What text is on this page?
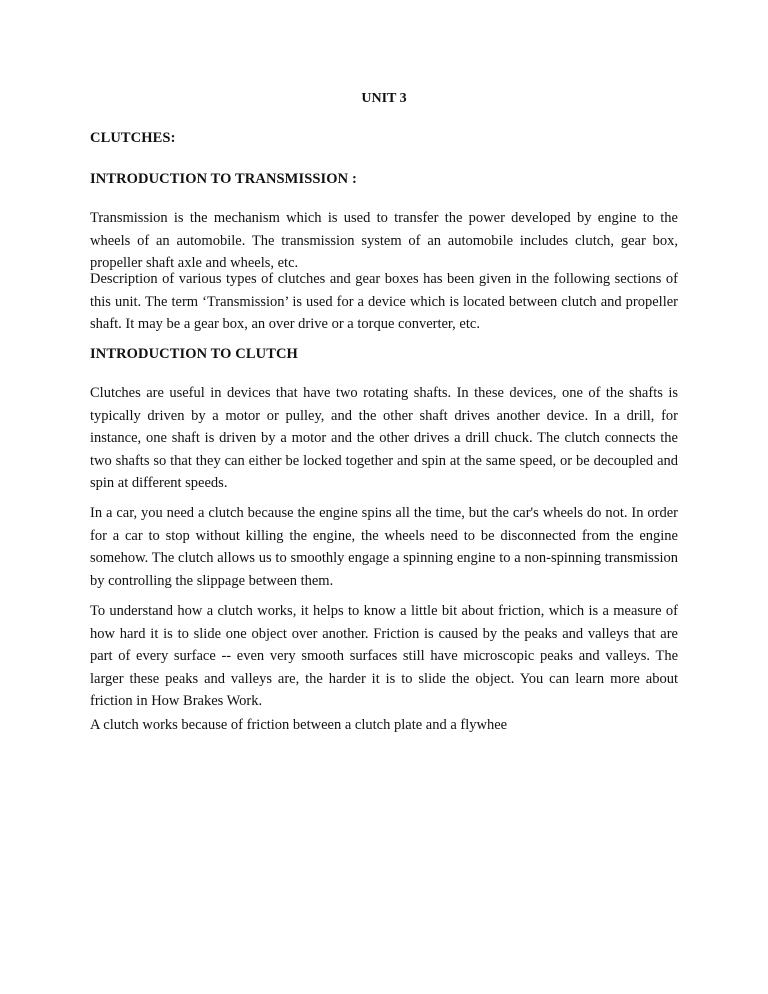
UNIT 3

CLUTCHES:

INTRODUCTION TO TRANSMISSION :

Transmission is the mechanism which is used to transfer the power developed by engine to the wheels of an automobile. The transmission system of an automobile includes clutch, gear box, propeller shaft axle and wheels, etc.

Description of various types of clutches and gear boxes has been given in the following sections of this unit. The term ‘Transmission’ is used for a device which is located between clutch and propeller shaft. It may be a gear box, an over drive or a torque converter, etc.

INTRODUCTION TO CLUTCH

Clutches are useful in devices that have two rotating shafts. In these devices, one of the shafts is typically driven by a motor or pulley, and the other shaft drives another device. In a drill, for instance, one shaft is driven by a motor and the other drives a drill chuck. The clutch connects the two shafts so that they can either be locked together and spin at the same speed, or be decoupled and spin at different speeds.

In a car, you need a clutch because the engine spins all the time, but the car's wheels do not. In order for a car to stop without killing the engine, the wheels need to be disconnected from the engine somehow. The clutch allows us to smoothly engage a spinning engine to a non-spinning transmission by controlling the slippage between them.

To understand how a clutch works, it helps to know a little bit about friction, which is a measure of how hard it is to slide one object over another. Friction is caused by the peaks and valleys that are part of every surface -- even very smooth surfaces still have microscopic peaks and valleys. The larger these peaks and valleys are, the harder it is to slide the object. You can learn more about friction in How Brakes Work.

A clutch works because of friction between a clutch plate and a flywhee
